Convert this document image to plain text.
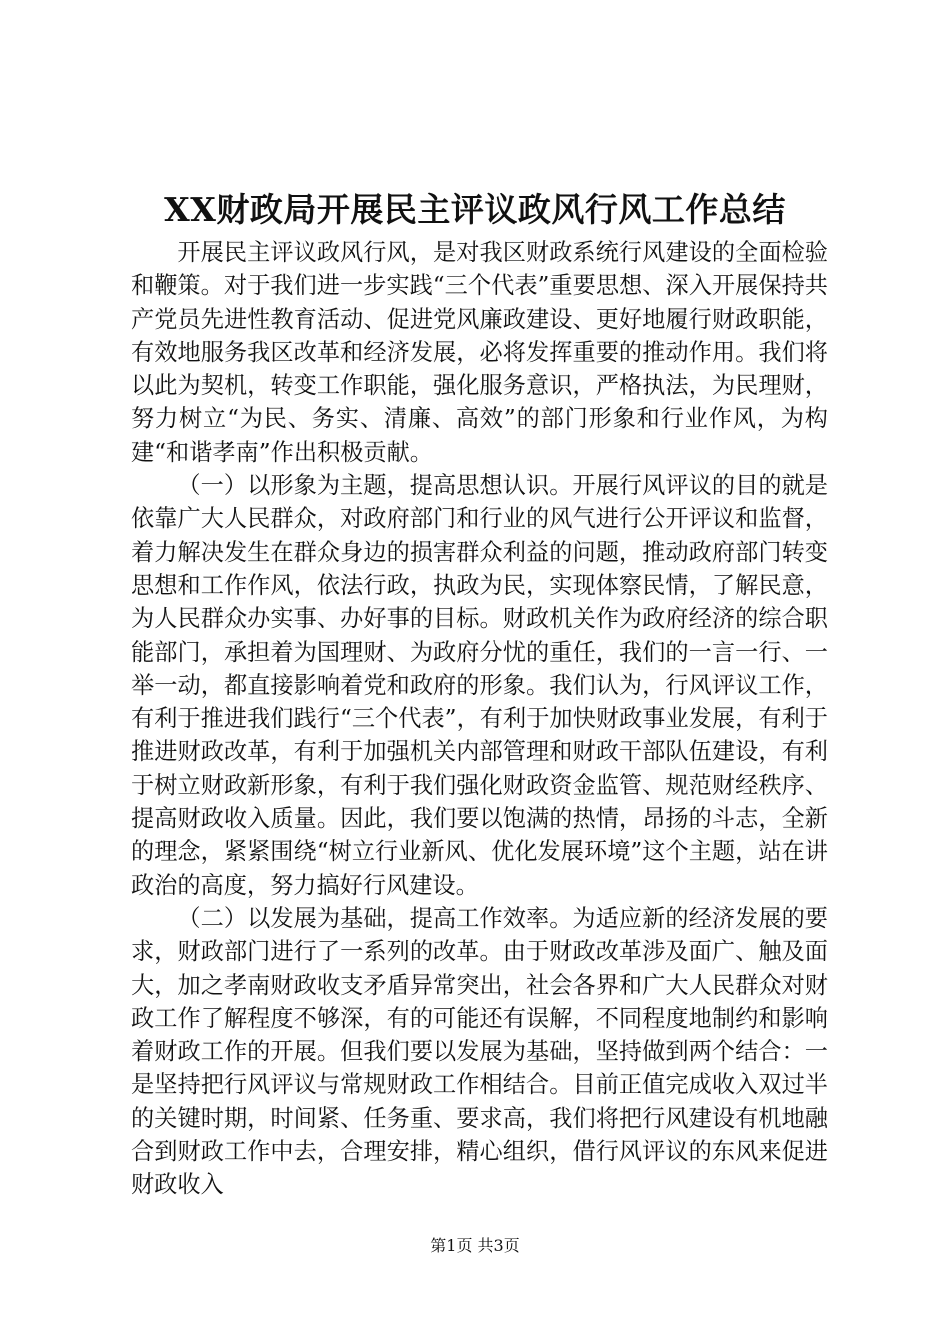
XX财政局开展民主评议政风行风工作总结

开展民主评议政风行风，是对我区财政系统行风建设的全面检验和鞭策。对于我们进一步实践“三个代表”重要思想、深入开展保持共产党员先进性教育活动、促进党风廉政建设、更好地履行财政职能，有效地服务我区改革和经济发展，必将发挥重要的推动作用。我们将以此为契机，转变工作职能，强化服务意识，严格执法，为民理财，努力树立“为民、务实、清廉、高效”的部门形象和行业作风，为构建“和谐孝南”作出积极贡献。

（一）以形象为主题，提高思想认识。开展行风评议的目的就是依靠广大人民群众，对政府部门和行业的风气进行公开评议和监督，着力解决发生在群众身边的损害群众利益的问题，推动政府部门转变思想和工作作风，依法行政，执政为民，实现体察民情，了解民意，为人民群众办实事、办好事的目标。财政机关作为政府经济的综合职能部门，承担着为国理财、为政府分忧的重任，我们的一言一行、一举一动，都直接影响着党和政府的形象。我们认为，行风评议工作，有利于推进我们践行“三个代表”，有利于加快财政事业发展，有利于推进财政改革，有利于加强机关内部管理和财政干部队伍建设，有利于树立财政新形象，有利于我们强化财政资金监管、规范财经秩序、提高财政收入质量。因此，我们要以饱满的热情，昂扬的斗志，全新的理念，紧紧围绕“树立行业新风、优化发展环境”这个主题，站在讲政治的高度，努力搞好行风建设。

（二）以发展为基础，提高工作效率。为适应新的经济发展的要求，财政部门进行了一系列的改革。由于财政改革涉及面广、触及面大，加之孝南财政收支矛盾异常突出，社会各界和广大人民群众对财政工作了解程度不够深，有的可能还有误解，不同程度地制约和影响着财政工作的开展。但我们要以发展为基础，坚持做到两个结合：一是坚持把行风评议与常规财政工作相结合。目前正值完成收入双过半的关键时期，时间紧、任务重、要求高，我们将把行风建设有机地融合到财政工作中去，合理安排，精心组织，借行风评议的东风来促进财政收入

第1页 共3页
